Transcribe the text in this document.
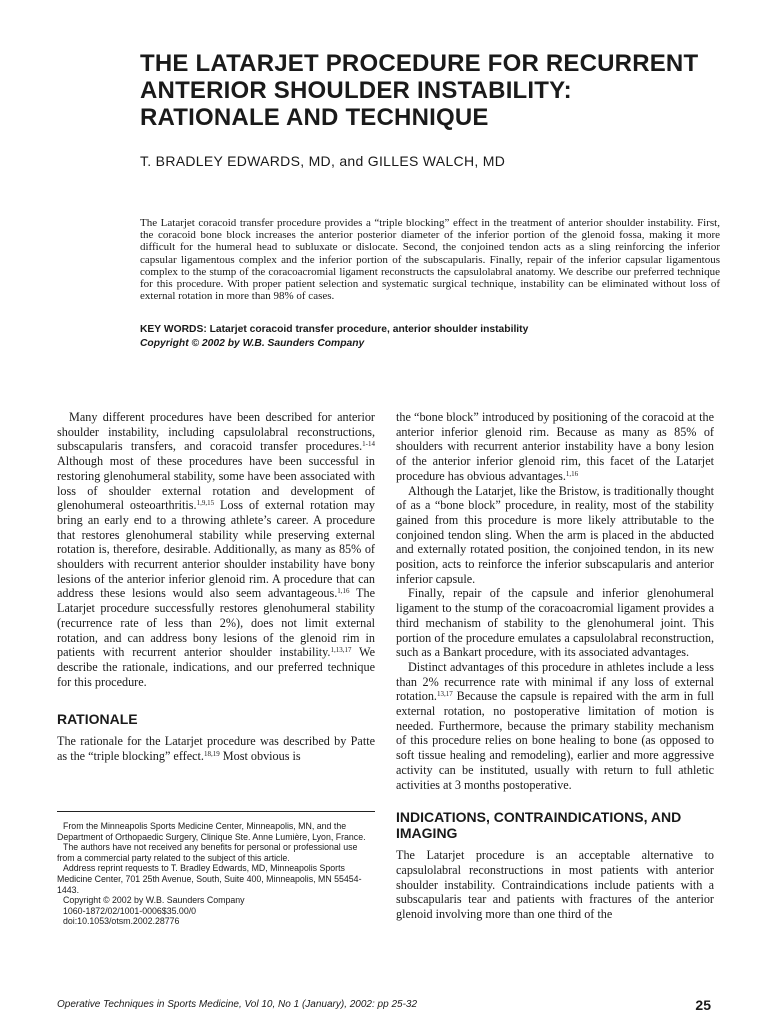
THE LATARJET PROCEDURE FOR RECURRENT
ANTERIOR SHOULDER INSTABILITY:
RATIONALE AND TECHNIQUE

T. BRADLEY EDWARDS, MD, and GILLES WALCH, MD

The Latarjet coracoid transfer procedure provides a “triple blocking” effect in the treatment of anterior shoulder instability. First, the coracoid bone block increases the anterior posterior diameter of the inferior portion of the glenoid fossa, making it more difficult for the humeral head to subluxate or dislocate. Second, the conjoined tendon acts as a sling reinforcing the inferior capsular ligamentous complex and the inferior portion of the subscapularis. Finally, repair of the inferior capsular ligamentous complex to the stump of the coracoacromial ligament reconstructs the capsulolabral anatomy. We describe our preferred technique for this procedure. With proper patient selection and systematic surgical technique, instability can be eliminated without loss of external rotation in more than 98% of cases.

KEY WORDS: Latarjet coracoid transfer procedure, anterior shoulder instability

Copyright © 2002 by W.B. Saunders Company

Many different procedures have been described for anterior shoulder instability, including capsulolabral reconstructions, subscapularis transfers, and coracoid transfer procedures.$^{1-14}$ Although most of these procedures have been successful in restoring glenohumeral stability, some have been associated with loss of shoulder external rotation and development of glenohumeral osteoarthritis.$^{1,9,15}$ Loss of external rotation may bring an early end to a throwing athlete’s career. A procedure that restores glenohumeral stability while preserving external rotation is, therefore, desirable. Additionally, as many as 85% of shoulders with recurrent anterior shoulder instability have bony lesions of the anterior inferior glenoid rim. A procedure that can address these lesions would also seem advantageous.$^{1,16}$ The Latarjet procedure successfully restores glenohumeral stability (recurrence rate of less than 2%), does not limit external rotation, and can address bony lesions of the glenoid rim in patients with recurrent anterior shoulder instability.$^{1,13,17}$ We describe the rationale, indications, and our preferred technique for this procedure.

RATIONALE

The rationale for the Latarjet procedure was described by Patte as the “triple blocking” effect.$^{18,19}$ Most obvious is

From the Minneapolis Sports Medicine Center, Minneapolis, MN, and the Department of Orthopaedic Surgery, Clinique Ste. Anne Lumière, Lyon, France.

The authors have not received any benefits for personal or professional use from a commercial party related to the subject of this article.

Address reprint requests to T. Bradley Edwards, MD, Minneapolis Sports Medicine Center, 701 25th Avenue, South, Suite 400, Minneapolis, MN 55454-1443.

Copyright © 2002 by W.B. Saunders Company

1060-1872/02/1001-0006$35.00/0

doi:10.1053/otsm.2002.28776

the “bone block” introduced by positioning of the coracoid at the anterior inferior glenoid rim. Because as many as 85% of shoulders with recurrent anterior instability have a bony lesion of the anterior inferior glenoid rim, this facet of the Latarjet procedure has obvious advantages.$^{1,16}$

Although the Latarjet, like the Bristow, is traditionally thought of as a “bone block” procedure, in reality, most of the stability gained from this procedure is more likely attributable to the conjoined tendon sling. When the arm is placed in the abducted and externally rotated position, the conjoined tendon, in its new position, acts to reinforce the inferior subscapularis and anterior inferior capsule.

Finally, repair of the capsule and inferior glenohumeral ligament to the stump of the coracoacromial ligament provides a third mechanism of stability to the glenohumeral joint. This portion of the procedure emulates a capsulolabral reconstruction, such as a Bankart procedure, with its associated advantages.

Distinct advantages of this procedure in athletes include a less than 2% recurrence rate with minimal if any loss of external rotation.$^{13,17}$ Because the capsule is repaired with the arm in full external rotation, no postoperative limitation of motion is needed. Furthermore, because the primary stability mechanism of this procedure relies on bone healing to bone (as opposed to soft tissue healing and remodeling), earlier and more aggressive activity can be instituted, usually with return to full athletic activities at 3 months postoperative.

INDICATIONS, CONTRAINDICATIONS, AND IMAGING

The Latarjet procedure is an acceptable alternative to capsulolabral reconstructions in most patients with anterior shoulder instability. Contraindications include patients with a subscapularis tear and patients with fractures of the anterior glenoid involving more than one third of the

Operative Techniques in Sports Medicine, Vol 10, No 1 (January), 2002: pp 25-32	25
